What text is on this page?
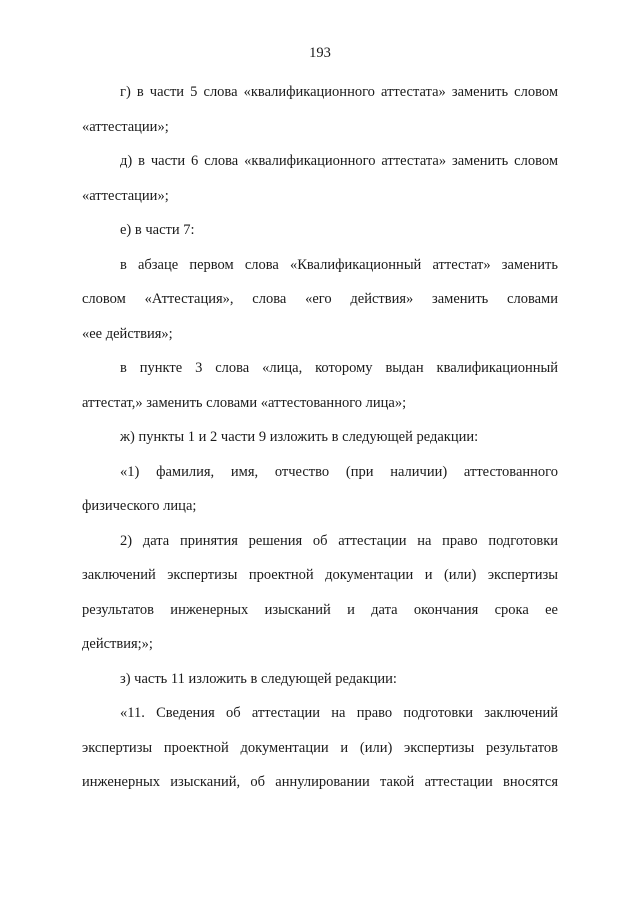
193
г) в части 5 слова «квалификационного аттестата» заменить словом
«аттестации»;
д) в части 6 слова «квалификационного аттестата» заменить словом
«аттестации»;
е) в части 7:
в абзаце первом слова «Квалификационный аттестат» заменить
словом «Аттестация», слова «его действия» заменить словами
«ее действия»;
в пункте 3 слова «лица, которому выдан квалификационный
аттестат,» заменить словами «аттестованного лица»;
ж) пункты 1 и 2 части 9 изложить в следующей редакции:
«1) фамилия, имя, отчество (при наличии) аттестованного
физического лица;
2) дата принятия решения об аттестации на право подготовки
заключений экспертизы проектной документации и (или) экспертизы
результатов инженерных изысканий и дата окончания срока ее
действия;»;
з) часть 11 изложить в следующей редакции:
«11. Сведения об аттестации на право подготовки заключений
экспертизы проектной документации и (или) экспертизы результатов
инженерных изысканий, об аннулировании такой аттестации вносятся
